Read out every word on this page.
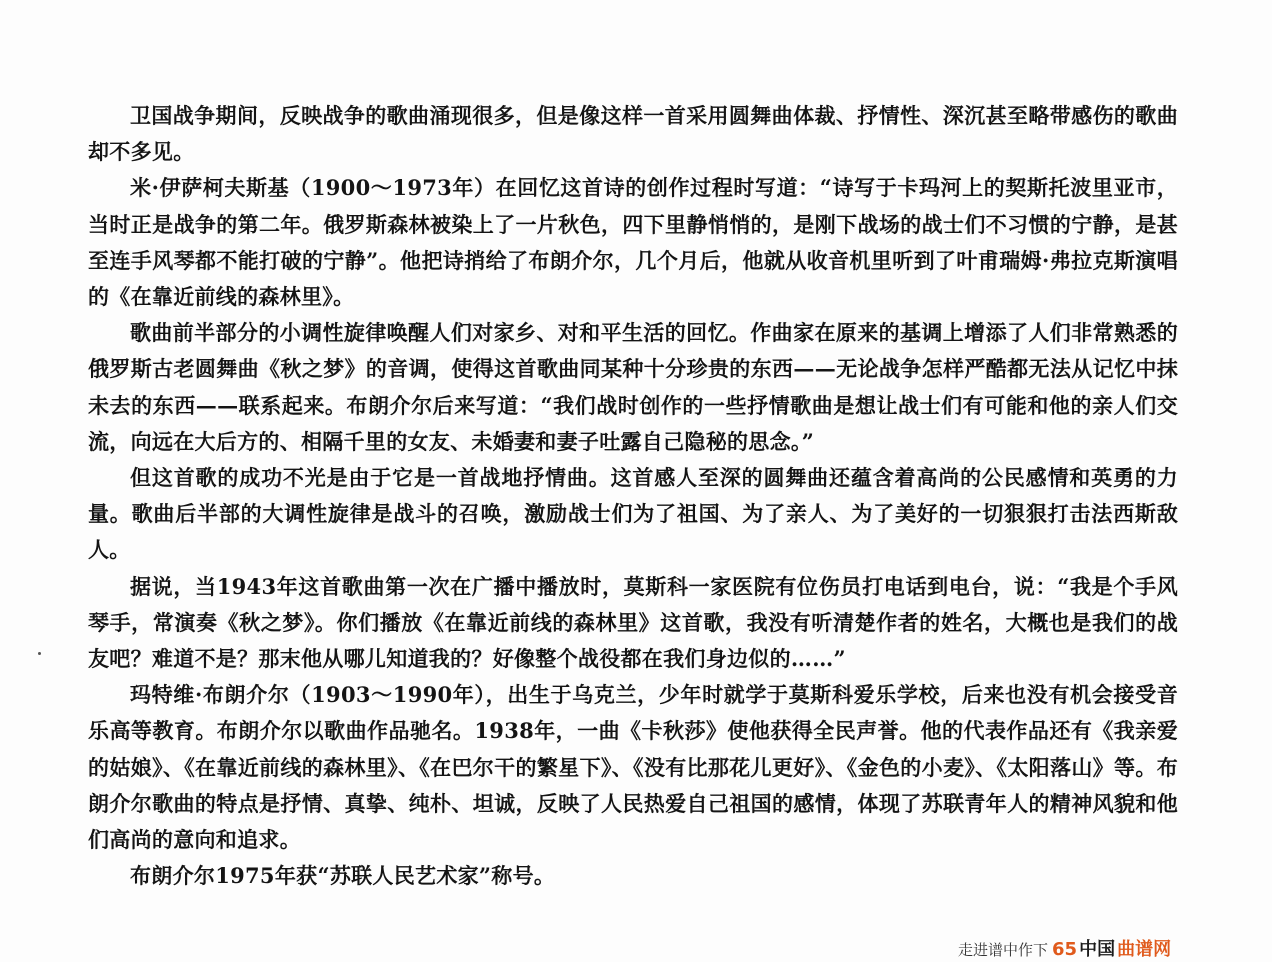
卫国战争期间，反映战争的歌曲涌现很多，但是像这样一首采用圆舞曲体裁、抒情性、深沉甚至略带感伤的歌曲却不多见。

米·伊萨柯夫斯基（1900～1973年）在回忆这首诗的创作过程时写道：“诗写于卡玛河上的契斯托波里亚市，当时正是战争的第二年。俄罗斯森林被染上了一片秋色，四下里静悄悄的，是刚下战场的战士们不习惯的宁静，是甚至连手风琴都不能打破的宁静”。他把诗捎给了布朗介尔，几个月后，他就从收音机里听到了叶甫瑞姆·弗拉克斯演唱的《在靠近前线的森林里》。

歌曲前半部分的小调性旋律唤醒人们对家乡、对和平生活的回忆。作曲家在原来的基调上增添了人们非常熟悉的俄罗斯古老圆舞曲《秋之梦》的音调，使得这首歌曲同某种十分珍贵的东西——无论战争怎样严酷都无法从记忆中抹未去的东西——联系起来。布朗介尔后来写道：“我们战时创作的一些抒情歌曲是想让战士们有可能和他的亲人们交流，向远在大后方的、相隔千里的女友、未婚妻和妻子吐露自己隐秘的思念。”

但这首歌的成功不光是由于它是一首战地抒情曲。这首感人至深的圆舞曲还蕴含着高尚的公民感情和英勇的力量。歌曲后半部的大调性旋律是战斗的召唤，激励战士们为了祖国、为了亲人、为了美好的一切狠狠打击法西斯敌人。

据说，当1943年这首歌曲第一次在广播中播放时，莫斯科一家医院有位伤员打电话到电台，说：“我是个手风琴手，常演奏《秋之梦》。你们播放《在靠近前线的森林里》这首歌，我没有听清楚作者的姓名，大概也是我们的战友吧？难道不是？那末他从哪儿知道我的？好像整个战役都在我们身边似的……”

玛特维·布朗介尔（1903～1990年），出生于乌克兰，少年时就学于莫斯科爱乐学校，后来也没有机会接受音乐高等教育。布朗介尔以歌曲作品驰名。1938年，一曲《卡秋莎》使他获得全民声誉。他的代表作品还有《我亲爱的姑娘》、《在靠近前线的森林里》、《在巴尔干的繁星下》、《没有比那花儿更好》、《金色的小麦》、《太阳落山》等。布朗介尔歌曲的特点是抒情、真挚、纯朴、坦诚，反映了人民热爱自己祖国的感情，体现了苏联青年人的精神风貌和他们高尚的意向和追求。

布朗介尔1975年获“苏联人民艺术家”称号。

走进谱中作下 65 中国 曲谱网
